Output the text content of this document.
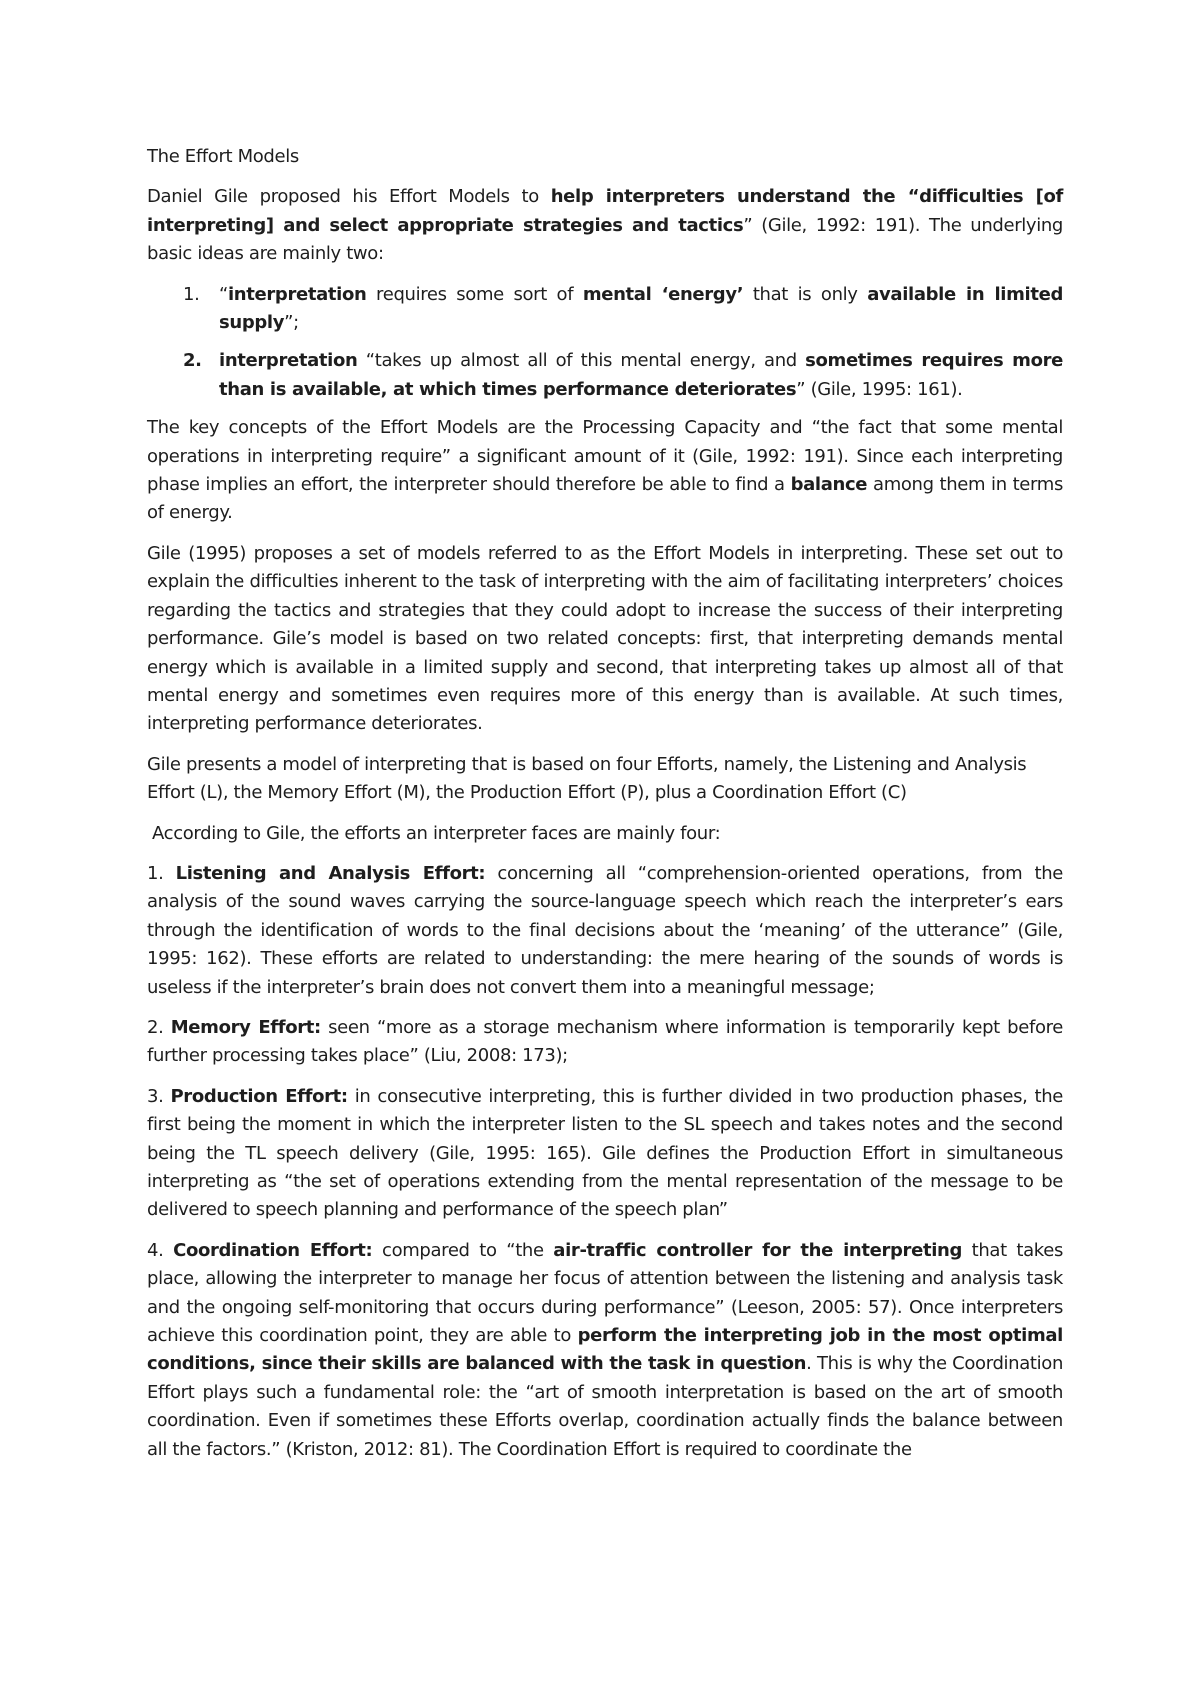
The Effort Models

Daniel Gile proposed his Effort Models to help interpreters understand the “difficulties [of interpreting] and select appropriate strategies and tactics” (Gile, 1992: 191). The underlying basic ideas are mainly two:

1. “interpretation requires some sort of mental ‘energy’ that is only available in limited supply”;
2. interpretation “takes up almost all of this mental energy, and sometimes requires more than is available, at which times performance deteriorates” (Gile, 1995: 161).

The key concepts of the Effort Models are the Processing Capacity and “the fact that some mental operations in interpreting require” a significant amount of it (Gile, 1992: 191). Since each interpreting phase implies an effort, the interpreter should therefore be able to find a balance among them in terms of energy.

Gile (1995) proposes a set of models referred to as the Effort Models in interpreting. These set out to explain the difficulties inherent to the task of interpreting with the aim of facilitating interpreters’ choices regarding the tactics and strategies that they could adopt to increase the success of their interpreting performance. Gile’s model is based on two related concepts: first, that interpreting demands mental energy which is available in a limited supply and second, that interpreting takes up almost all of that mental energy and sometimes even requires more of this energy than is available. At such times, interpreting performance deteriorates.

Gile presents a model of interpreting that is based on four Efforts, namely, the Listening and Analysis Effort (L), the Memory Effort (M), the Production Effort (P), plus a Coordination Effort (C)

According to Gile, the efforts an interpreter faces are mainly four:

1. Listening and Analysis Effort: concerning all “comprehension-oriented operations, from the analysis of the sound waves carrying the source-language speech which reach the interpreter’s ears through the identification of words to the final decisions about the ‘meaning’ of the utterance” (Gile, 1995: 162). These efforts are related to understanding: the mere hearing of the sounds of words is useless if the interpreter’s brain does not convert them into a meaningful message;

2. Memory Effort: seen “more as a storage mechanism where information is temporarily kept before further processing takes place” (Liu, 2008: 173);

3. Production Effort: in consecutive interpreting, this is further divided in two production phases, the first being the moment in which the interpreter listen to the SL speech and takes notes and the second being the TL speech delivery (Gile, 1995: 165). Gile defines the Production Effort in simultaneous interpreting as “the set of operations extending from the mental representation of the message to be delivered to speech planning and performance of the speech plan”

4. Coordination Effort: compared to “the air-traffic controller for the interpreting that takes place, allowing the interpreter to manage her focus of attention between the listening and analysis task and the ongoing self-monitoring that occurs during performance” (Leeson, 2005: 57). Once interpreters achieve this coordination point, they are able to perform the interpreting job in the most optimal conditions, since their skills are balanced with the task in question. This is why the Coordination Effort plays such a fundamental role: the “art of smooth interpretation is based on the art of smooth coordination. Even if sometimes these Efforts overlap, coordination actually finds the balance between all the factors.” (Kriston, 2012: 81). The Coordination Effort is required to coordinate the
